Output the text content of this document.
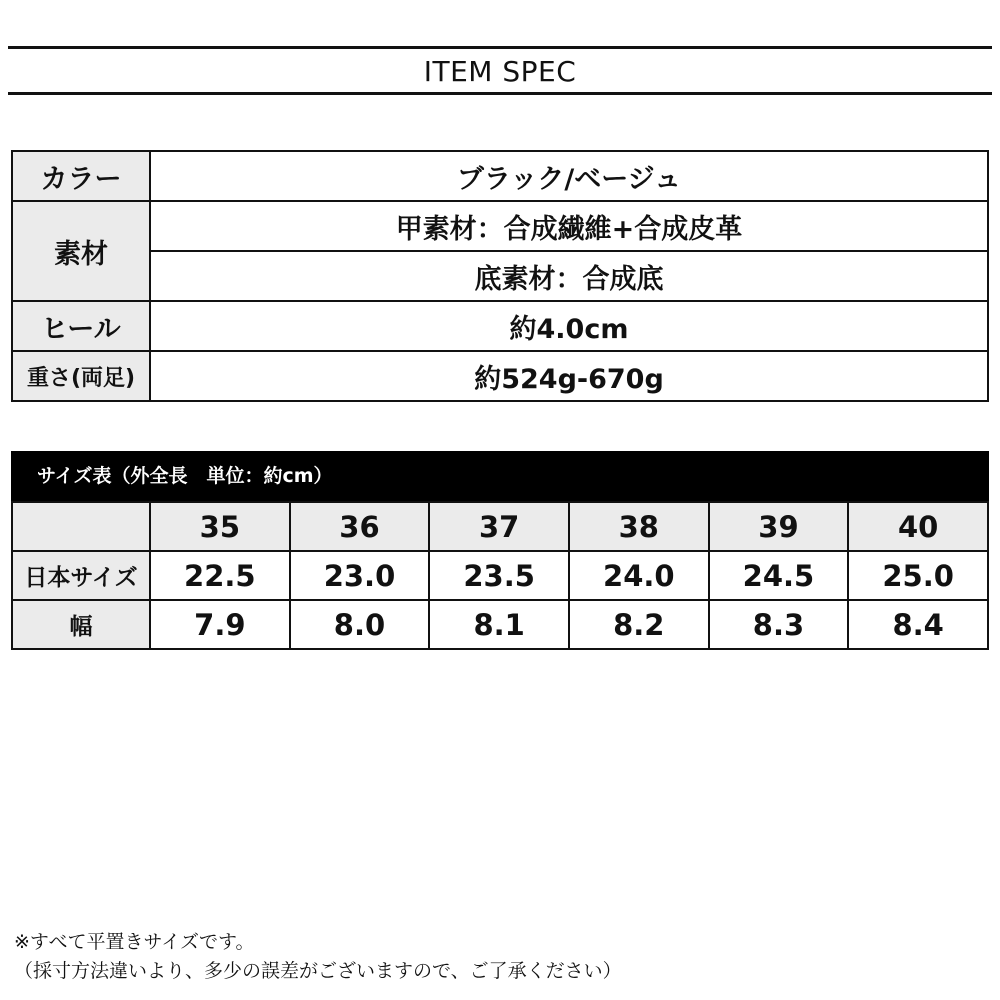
ITEM SPEC
カラー	ブラック/ベージュ
素材	甲素材：合成繊維+合成皮革
	底素材：合成底
ヒール	約4.0cm
重さ(両足)	約524g-670g
サイズ表（外全長　単位：約cm）
	35	36	37	38	39	40
日本サイズ	22.5	23.0	23.5	24.0	24.5	25.0
幅	7.9	8.0	8.1	8.2	8.3	8.4
※すべて平置きサイズです。
（採寸方法違いより、多少の誤差がございますので、ご了承ください）
